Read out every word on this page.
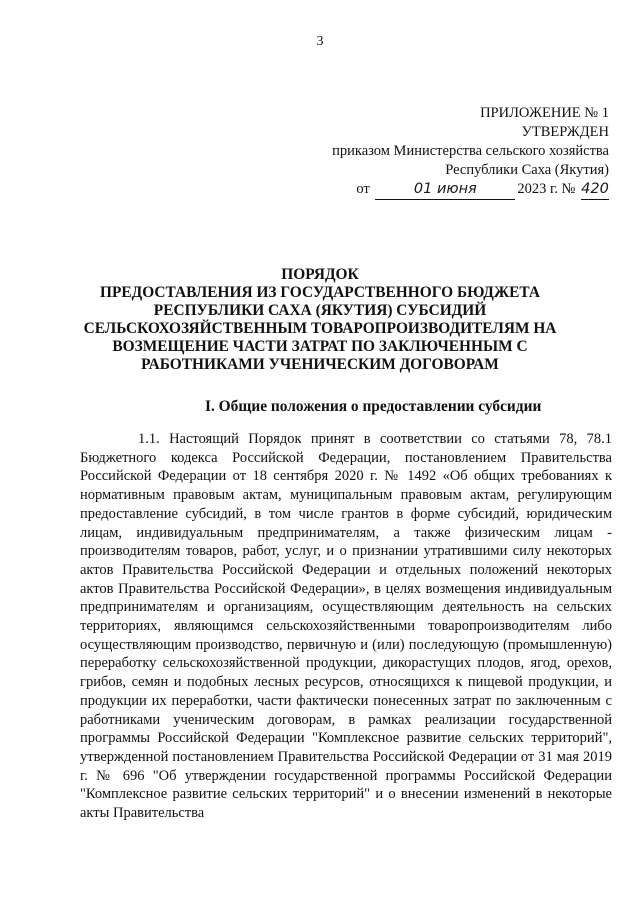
3
ПРИЛОЖЕНИЕ № 1
УТВЕРЖДЕН
приказом Министерства сельского хозяйства
Республики Саха (Якутия)
от	01 июня	2023 г. № 420
ПОРЯДОК
ПРЕДОСТАВЛЕНИЯ ИЗ ГОСУДАРСТВЕННОГО БЮДЖЕТА
РЕСПУБЛИКИ САХА (ЯКУТИЯ) СУБСИДИЙ
СЕЛЬСКОХОЗЯЙСТВЕННЫМ ТОВАРОПРОИЗВОДИТЕЛЯМ НА
ВОЗМЕЩЕНИЕ ЧАСТИ ЗАТРАТ ПО ЗАКЛЮЧЕННЫМ С
РАБОТНИКАМИ УЧЕНИЧЕСКИМ ДОГОВОРАМ
I. Общие положения о предоставлении субсидии

1.1. Настоящий Порядок принят в соответствии со статьями 78, 78.1 Бюджетного кодекса Российской Федерации, постановлением Правительства Российской Федерации от 18 сентября 2020 г. № 1492 «Об общих требованиях к нормативным правовым актам, муниципальным правовым актам, регулирующим предоставление субсидий, в том числе грантов в форме субсидий, юридическим лицам, индивидуальным предпринимателям, а также физическим лицам - производителям товаров, работ, услуг, и о признании утратившими силу некоторых актов Правительства Российской Федерации и отдельных положений некоторых актов Правительства Российской Федерации», в целях возмещения индивидуальным предпринимателям и организациям, осуществляющим деятельность на сельских территориях, являющимся сельскохозяйственными товаропроизводителям либо осуществляющим производство, первичную и (или) последующую (промышленную) переработку сельскохозяйственной продукции, дикорастущих плодов, ягод, орехов, грибов, семян и подобных лесных ресурсов, относящихся к пищевой продукции, и продукции их переработки, части фактически понесенных затрат по заключенным с работниками ученическим договорам, в рамках реализации государственной программы Российской Федерации "Комплексное развитие сельских территорий", утвержденной постановлением Правительства Российской Федерации от 31 мая 2019 г. № 696 "Об утверждении государственной программы Российской Федерации "Комплексное развитие сельских территорий" и о внесении изменений в некоторые акты Правительства
